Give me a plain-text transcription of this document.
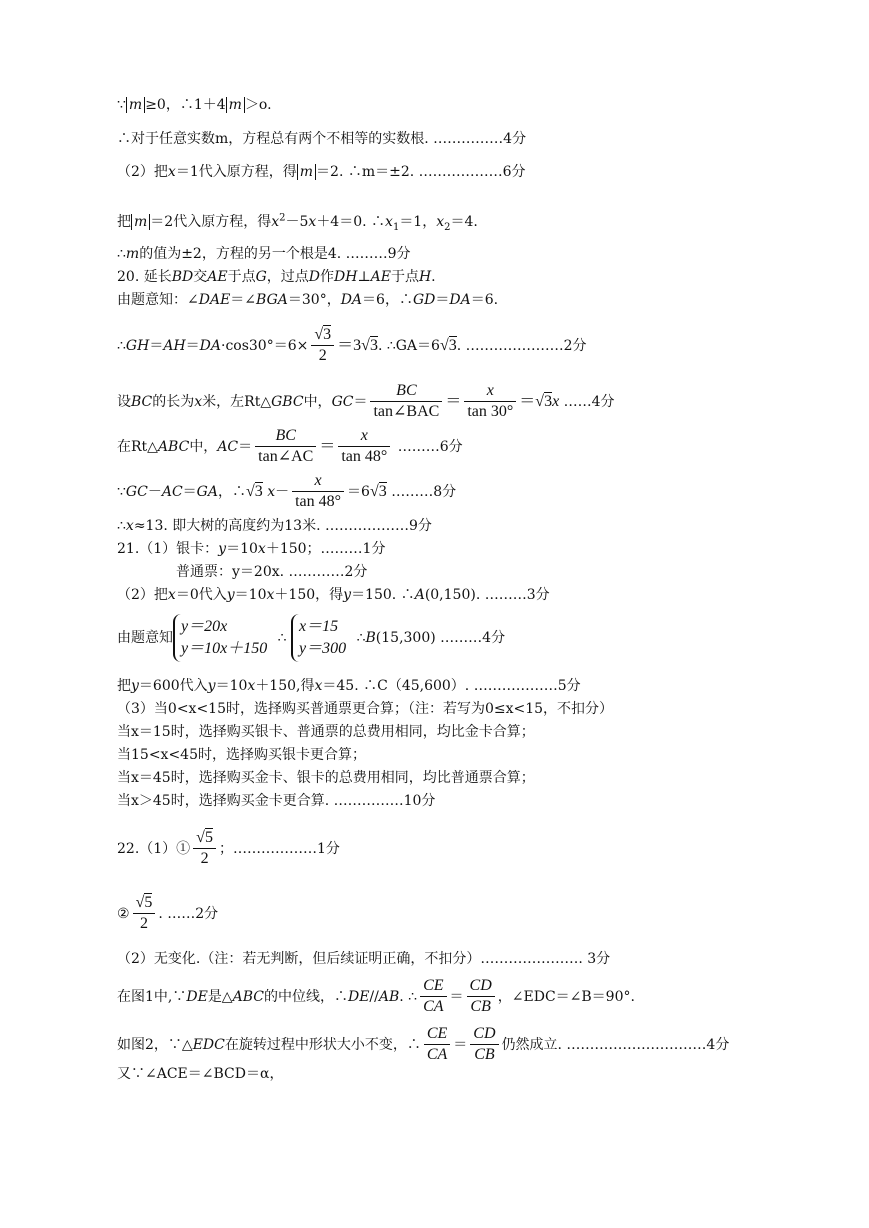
∵ m ≥0，∴1＋4 m ＞o.
∴对于任意实数m，方程总有两个不相等的实数根. ……………4分
（2）把x＝1代入原方程，得 m ＝2. ∴m＝±2. ………………6分
把 m ＝2代入原方程，得$x^2-5x+4=0$. $\therefore x_1=1$，$x_2=4$.
∴m的值为±2，方程的另一个根是4. ………9分
20. 延长BD交AE于点G，过点D作DH⊥AE于点H.
由题意知：∠DAE＝∠BGA＝30°，DA＝6，∴GD＝DA＝6.
∴GH＝AH＝DA·cos30°＝6× $\frac{√3}{2} =3√3$. ∴GA＝6√3. …………………2分
设BC的长为x米，左Rt△GBC中，$GC= \frac{BC}{\text{tan∠BAC}} = \frac{x}{\tan 30^\circ} =√3x$ ……4分
在Rt△ABC中，$AC= \frac{BC}{\tan\angle AC} = \frac{x}{\tan 48^\circ}$ ………6分
∵GC－AC＝GA，∴√3 $x- \frac{x}{\tan 48^\circ} =6√3$ ………8分
∴x≈13. 即大树的高度约为13米. ………………9分
21.（1）银卡：y＝10x＋150；………1分
普通票：y＝20x. …………2分
（2）把x＝0代入y＝10x＋150，得y＝150. ∴A(0,150). ………3分
由题意知
y＝20x
y＝10x＋150
∴
x＝15
y＝300
∴B(15,300) ………4分
把y＝600代入y＝10x＋150,得x＝45. ∴C（45,600）. ………………5分
（3）当0<x<15时，选择购买普通票更合算；（注：若写为0≤x<15，不扣分）
当x＝15时，选择购买银卡、普通票的总费用相同，均比金卡合算；
当15<x<45时，选择购买银卡更合算；
当x＝45时，选择购买金卡、银卡的总费用相同，均比普通票合算；
当x＞45时，选择购买金卡更合算. ……………10分
22.（1）① $\frac{√5}{2}$ ；………………1分
② $\frac{√5}{2}$ . ……2分
（2）无变化.（注：若无判断，但后续证明正确，不扣分）…………………. 3分
在图1中,∵DE是△ABC的中位线，∴DE//AB. ∴ $\frac{CE}{CA} = \frac{CD}{CB}$ ，∠EDC＝∠B＝90°.
如图2，∵△EDC在旋转过程中形状大小不变，∴ $\frac{CE}{CA} = \frac{CD}{CB}$ 仍然成立. …………………………4分
又∵∠ACE＝∠BCD＝α，
